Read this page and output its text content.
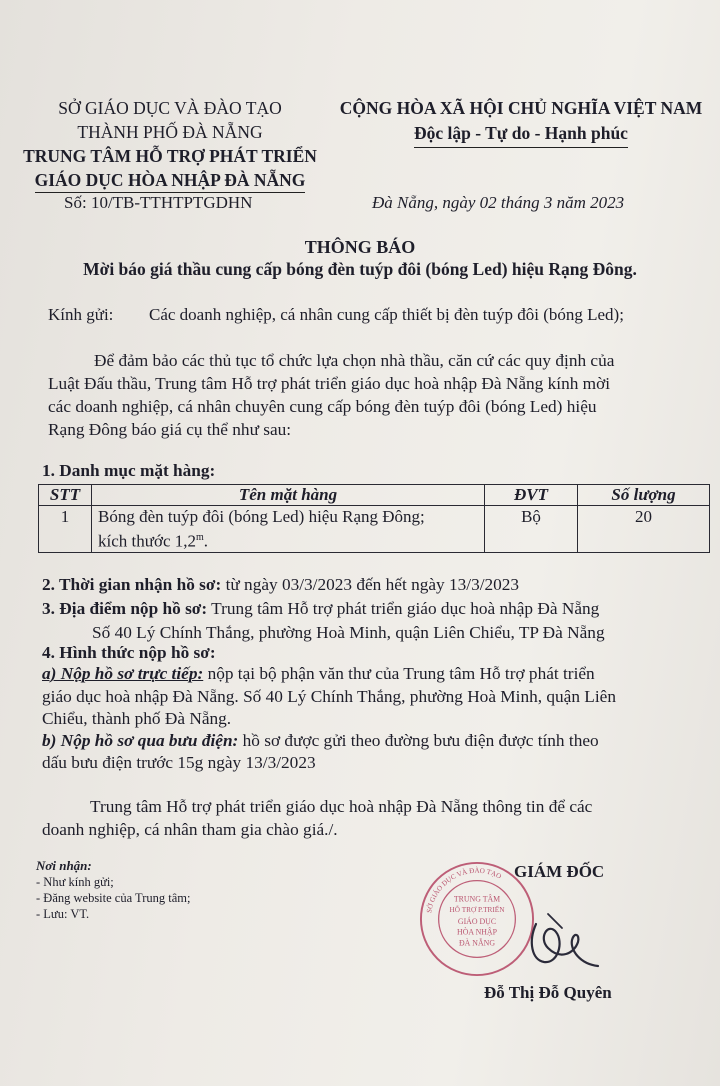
SỞ GIÁO DỤC VÀ ĐÀO TẠO
THÀNH PHỐ ĐÀ NẴNG
TRUNG TÂM HỖ TRỢ PHÁT TRIỂN
GIÁO DỤC HÒA NHẬP ĐÀ NẴNG
CỘNG HÒA XÃ HỘI CHỦ NGHĨA VIỆT NAM
Độc lập - Tự do - Hạnh phúc
Số: 10/TB-TTHTPTGDHN	Đà Nẵng, ngày 02 tháng 3 năm 2023
THÔNG BÁO
Mời báo giá thầu cung cấp bóng đèn tuýp đôi (bóng Led) hiệu Rạng Đông.
Kính gửi: Các doanh nghiệp, cá nhân cung cấp thiết bị đèn tuýp đôi (bóng Led);

Để đảm bảo các thủ tục tổ chức lựa chọn nhà thầu, căn cứ các quy định của

Luật Đấu thầu, Trung tâm Hỗ trợ phát triển giáo dục hoà nhập Đà Nẵng kính mời

các doanh nghiệp, cá nhân chuyên cung cấp bóng đèn tuýp đôi (bóng Led) hiệu

Rạng Đông báo giá cụ thể như sau:

1. Danh mục mặt hàng:
STT	Tên mặt hàng	ĐVT	Số lượng
1	Bóng đèn tuýp đôi (bóng Led) hiệu Rạng Đông;
kích thước 1,2$^m$.	Bộ	20
2. Thời gian nhận hồ sơ: từ ngày 03/3/2023 đến hết ngày 13/3/2023
3. Địa điểm nộp hồ sơ: Trung tâm Hỗ trợ phát triển giáo dục hoà nhập Đà Nẵng
Số 40 Lý Chính Thắng, phường Hoà Minh, quận Liên Chiểu, TP Đà Nẵng
4. Hình thức nộp hồ sơ:
a) Nộp hồ sơ trực tiếp: nộp tại bộ phận văn thư của Trung tâm Hỗ trợ phát triển
giáo dục hoà nhập Đà Nẵng. Số 40 Lý Chính Thắng, phường Hoà Minh, quận Liên
Chiểu, thành phố Đà Nẵng.
b) Nộp hồ sơ qua bưu điện: hồ sơ được gửi theo đường bưu điện được tính theo
dấu bưu điện trước 15g ngày 13/3/2023
Trung tâm Hỗ trợ phát triển giáo dục hoà nhập Đà Nẵng thông tin để các
doanh nghiệp, cá nhân tham gia chào giá./.
Nơi nhận:
- Như kính gửi;
- Đăng website của Trung tâm;
- Lưu: VT.	SỞ GIÁO DỤC VÀ ĐÀO TẠO
TRUNG TÂM
HỖ TRỢ P.TRIỂN
GIÁO DỤC
HÒA NHẬP
ĐÀ NẴNG
GIÁM ĐỐC
Đỗ Thị Đỗ Quyên
